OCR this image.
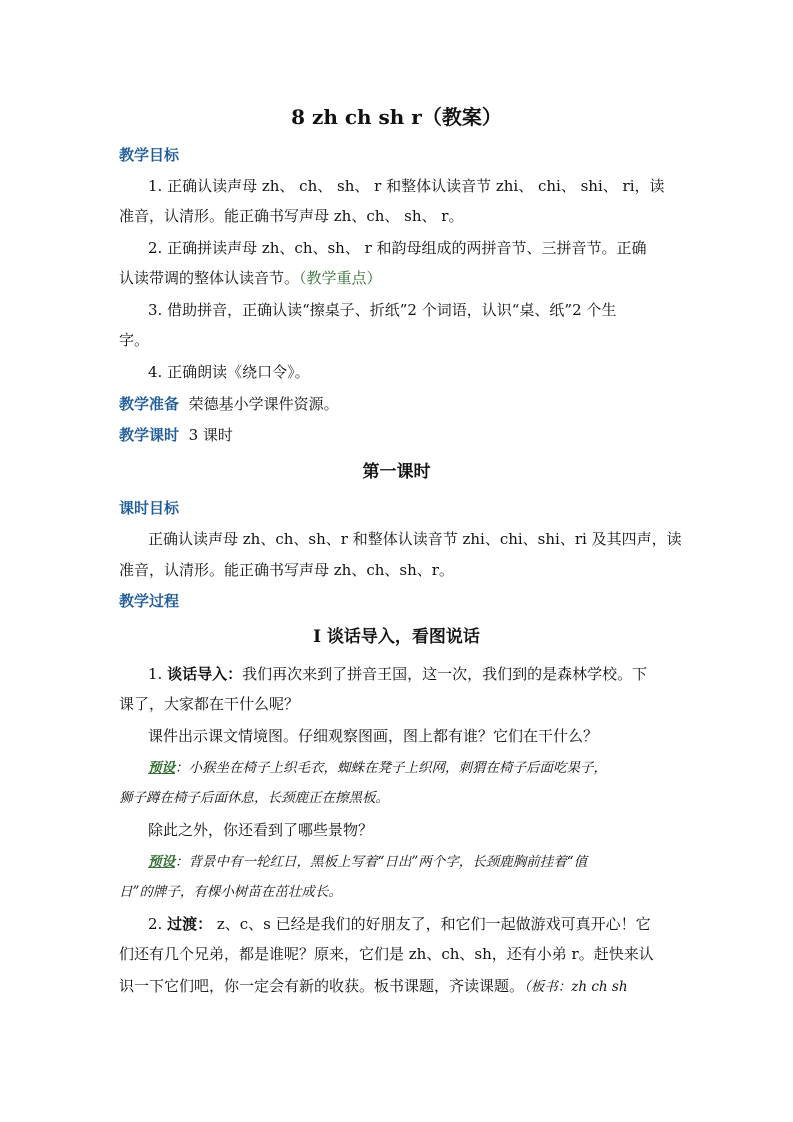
8 zh ch sh r（教案）
教学目标
1. 正确认读声母 zh、 ch、 sh、 r 和整体认读音节 zhi、 chi、 shi、 ri，读
准音，认清形。能正确书写声母 zh、ch、 sh、 r。
2. 正确拼读声母 zh、ch、sh、 r 和韵母组成的两拼音节、三拼音节。正确
认读带调的整体认读音节。（教学重点）
3. 借助拼音，正确认读“擦桌子、折纸”2 个词语，认识“桌、纸”2 个生
字。
4. 正确朗读《绕口令》。
教学准备 荣德基小学课件资源。
教学课时 3 课时
第一课时
课时目标
正确认读声母 zh、ch、sh、r 和整体认读音节 zhi、chi、shi、ri 及其四声，读
准音，认清形。能正确书写声母 zh、ch、sh、r。
教学过程
Ⅰ 谈话导入，看图说话
1. 谈话导入：我们再次来到了拼音王国，这一次，我们到的是森林学校。下
课了，大家都在干什么呢？
课件出示课文情境图。仔细观察图画，图上都有谁？它们在干什么？
预设：小猴坐在椅子上织毛衣，蜘蛛在凳子上织网，刺猬在椅子后面吃果子，
狮子蹲在椅子后面休息，长颈鹿正在擦黑板。
除此之外，你还看到了哪些景物？
预设：背景中有一轮红日，黑板上写着“日出”两个字，长颈鹿胸前挂着“值
日”的牌子，有棵小树苗在茁壮成长。
2. 过渡： z、c、s 已经是我们的好朋友了，和它们一起做游戏可真开心！它
们还有几个兄弟，都是谁呢？原来，它们是 zh、ch、sh，还有小弟 r。赶快来认
识一下它们吧，你一定会有新的收获。板书课题，齐读课题。（板书：zh ch sh
